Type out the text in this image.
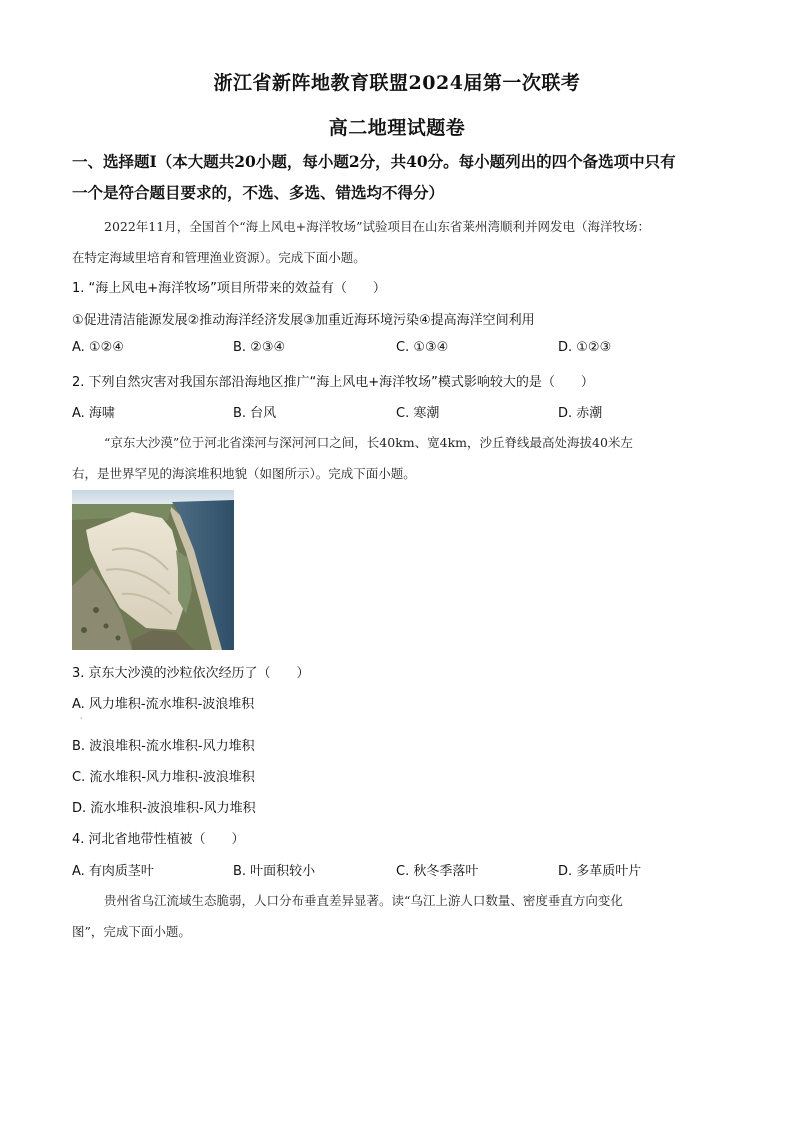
浙江省新阵地教育联盟2024届第一次联考
高二地理试题卷
一、选择题Ⅰ（本大题共20小题，每小题2分，共40分。每小题列出的四个备选项中只有
一个是符合题目要求的，不选、多选、错选均不得分）
2022年11月，全国首个“海上风电+海洋牧场”试验项目在山东省莱州湾顺利并网发电（海洋牧场：
在特定海域里培育和管理渔业资源）。完成下面小题。
1. “海上风电+海洋牧场”项目所带来的效益有（　　）
①促进清洁能源发展②推动海洋经济发展③加重近海环境污染④提高海洋空间利用
A. ①②④	B. ②③④	C. ①③④	D. ①②③
2. 下列自然灾害对我国东部沿海地区推广“海上风电+海洋牧场”模式影响较大的是（　　）
A. 海啸	B. 台风	C. 寒潮	D. 赤潮
“京东大沙漠”位于河北省滦河与深河河口之间，长40km、宽4km，沙丘脊线最高处海拔40米左
右，是世界罕见的海滨堆积地貌（如图所示）。完成下面小题。
3. 京东大沙漠的沙粒依次经历了（　　）
A. 风力堆积-流水堆积-波浪堆积
·
B. 波浪堆积-流水堆积-风力堆积
C. 流水堆积-风力堆积-波浪堆积
D. 流水堆积-波浪堆积-风力堆积
4. 河北省地带性植被（　　）
A. 有肉质茎叶	B. 叶面积较小	C. 秋冬季落叶	D. 多革质叶片
贵州省乌江流域生态脆弱，人口分布垂直差异显著。读“乌江上游人口数量、密度垂直方向变化
图”，完成下面小题。
